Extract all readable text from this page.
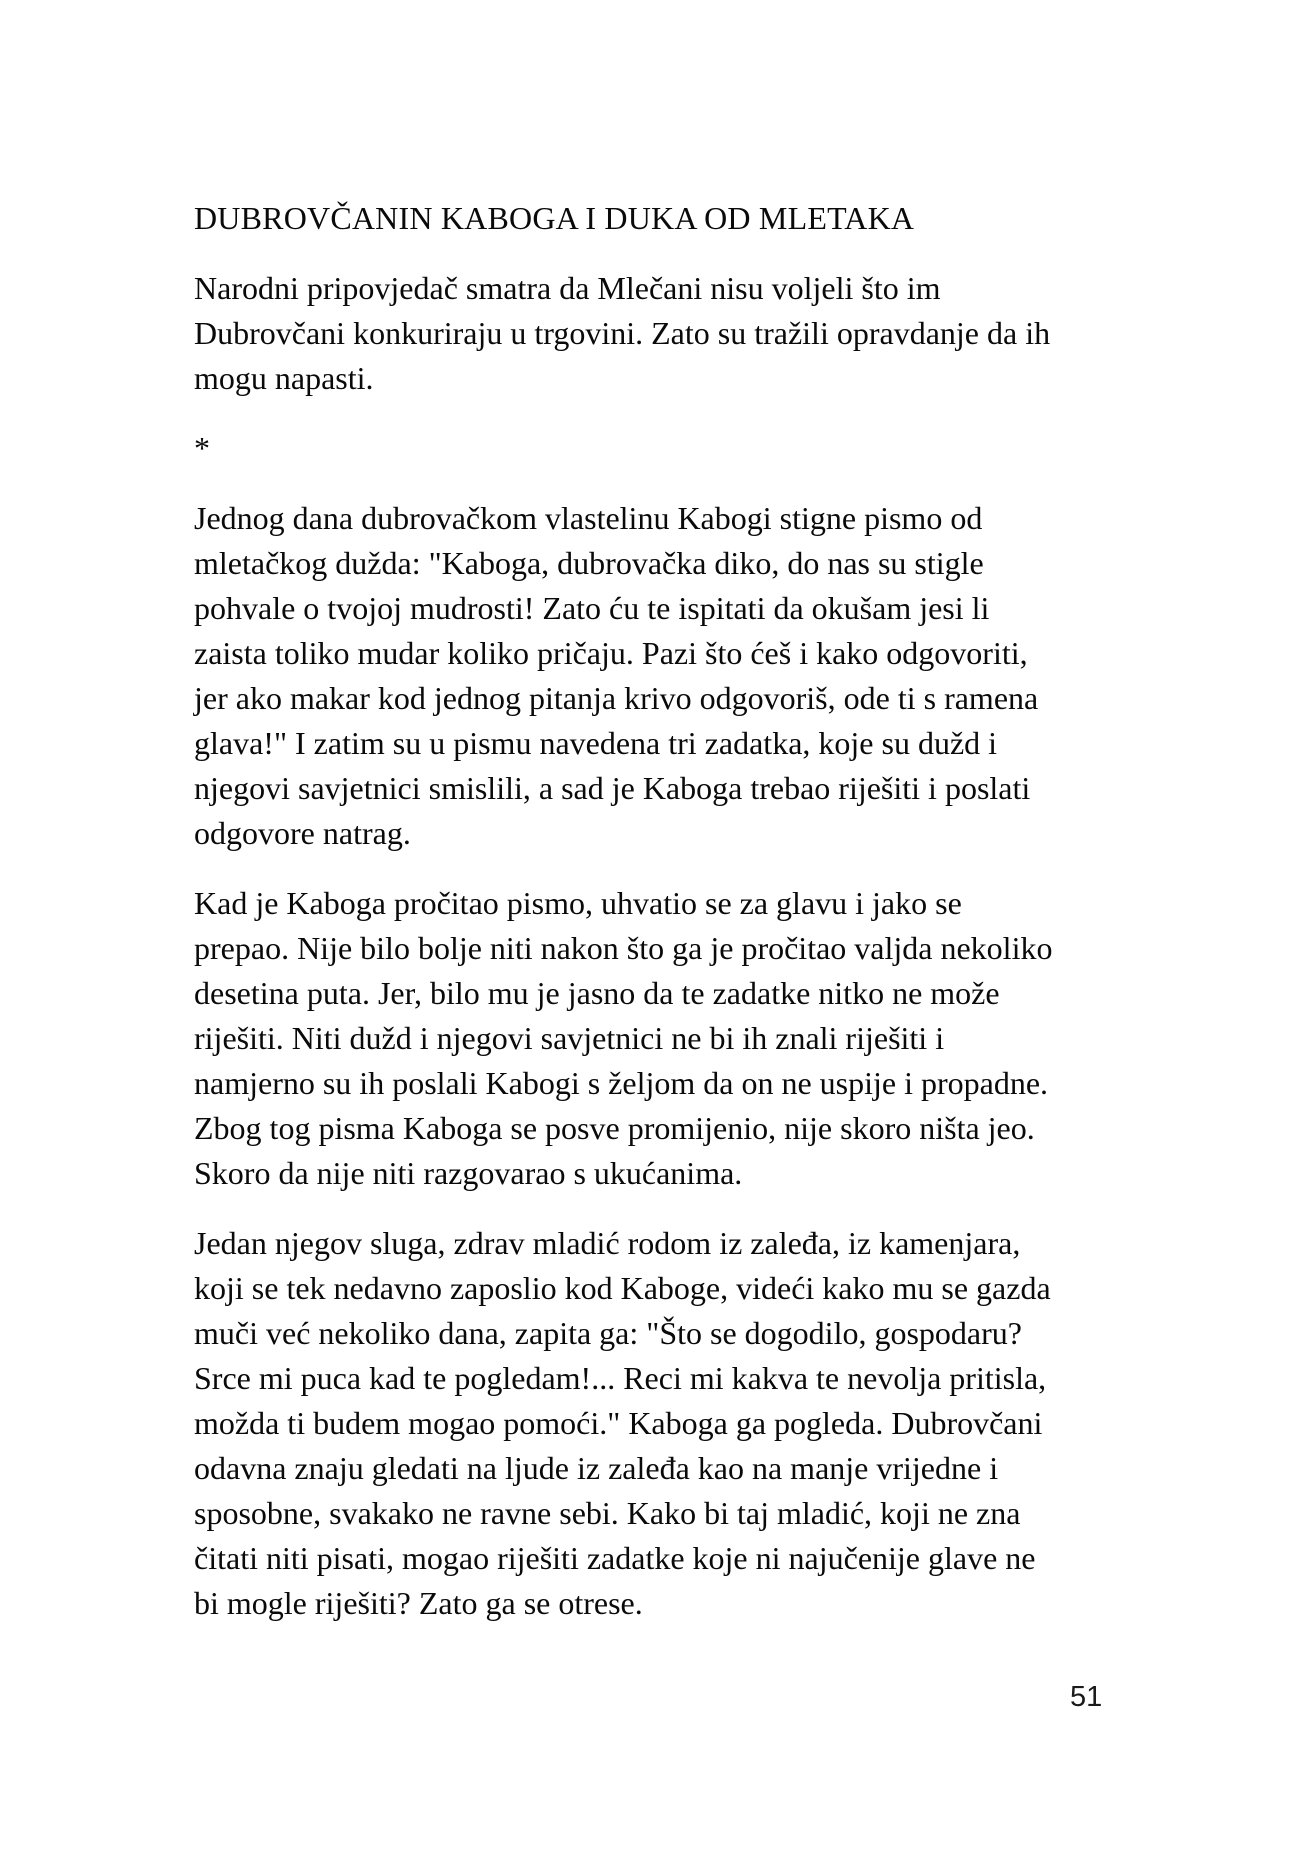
DUBROVČANIN KABOGA I DUKA OD MLETAKA
Narodni pripovjedač smatra da Mlečani nisu voljeli što im
Dubrovčani konkuriraju u trgovini. Zato su tražili opravdanje da ih
mogu napasti.
*
Jednog dana dubrovačkom vlastelinu Kabogi stigne pismo od
mletačkog dužda: "Kaboga, dubrovačka diko, do nas su stigle
pohvale o tvojoj mudrosti! Zato ću te ispitati da okušam jesi li
zaista toliko mudar koliko pričaju. Pazi što ćeš i kako odgovoriti,
jer ako makar kod jednog pitanja krivo odgovoriš, ode ti s ramena
glava!" I zatim su u pismu navedena tri zadatka, koje su dužd i
njegovi savjetnici smislili, a sad je Kaboga trebao riješiti i poslati
odgovore natrag.
Kad je Kaboga pročitao pismo, uhvatio se za glavu i jako se
prepao. Nije bilo bolje niti nakon što ga je pročitao valjda nekoliko
desetina puta. Jer, bilo mu je jasno da te zadatke nitko ne može
riješiti. Niti dužd i njegovi savjetnici ne bi ih znali riješiti i
namjerno su ih poslali Kabogi s željom da on ne uspije i propadne.
Zbog tog pisma Kaboga se posve promijenio, nije skoro ništa jeo.
Skoro da nije niti razgovarao s ukućanima.
Jedan njegov sluga, zdrav mladić rodom iz zaleđa, iz kamenjara,
koji se tek nedavno zaposlio kod Kaboge, videći kako mu se gazda
muči već nekoliko dana, zapita ga: "Što se dogodilo, gospodaru?
Srce mi puca kad te pogledam!... Reci mi kakva te nevolja pritisla,
možda ti budem mogao pomoći." Kaboga ga pogleda. Dubrovčani
odavna znaju gledati na ljude iz zaleđa kao na manje vrijedne i
sposobne, svakako ne ravne sebi. Kako bi taj mladić, koji ne zna
čitati niti pisati, mogao riješiti zadatke koje ni najučenije glave ne
bi mogle riješiti? Zato ga se otrese.
51
